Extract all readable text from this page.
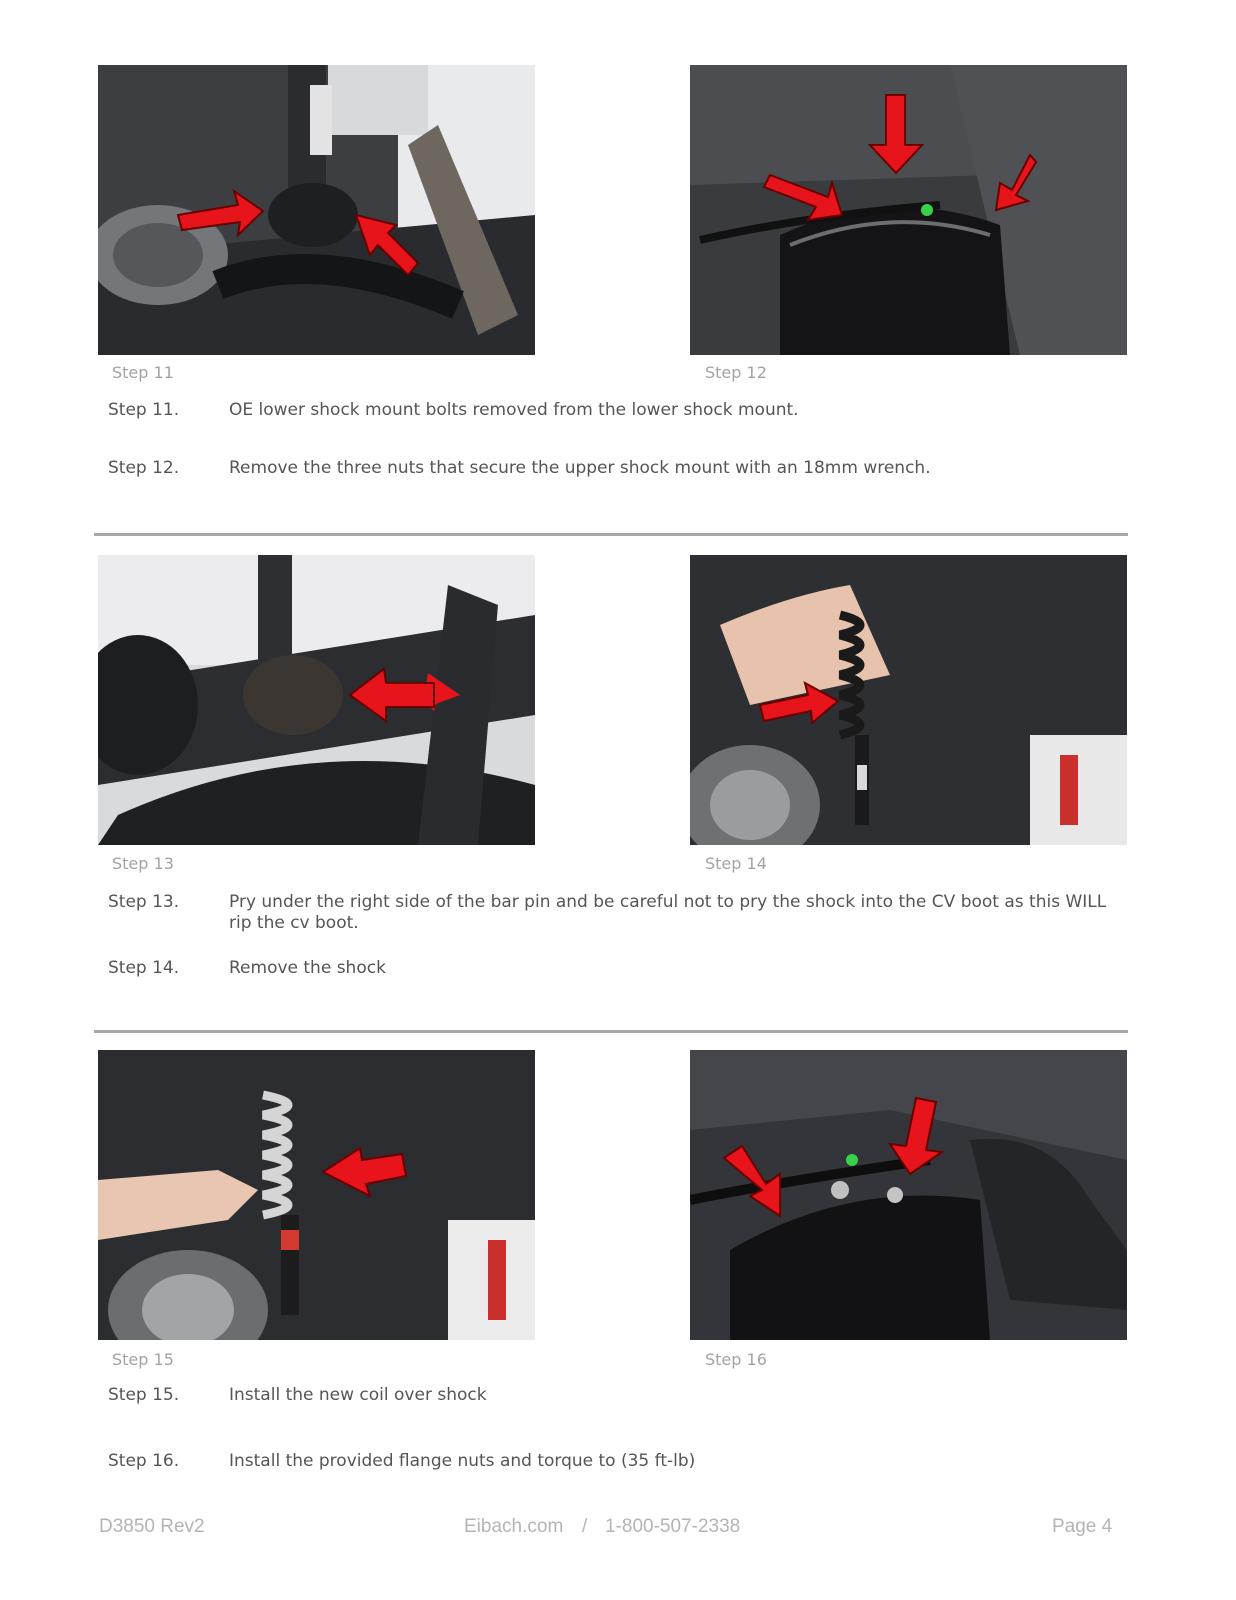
Step 11	Step 12
Step 11.	OE lower shock mount bolts removed from the lower shock mount.
Step 12.	Remove the three nuts that secure the upper shock mount with an 18mm wrench.
Step 13	Step 14
Step 13.	Pry under the right side of the bar pin and be careful not to pry the shock into the CV boot as this WILL rip the cv boot.
Step 14.	Remove the shock
Step 15	Step 16
Step 15.	Install the new coil over shock
Step 16.	Install the provided flange nuts and torque to (35 ft-lb)
D3850 Rev2	Eibach.com / 1-800-507-2338	Page 4
